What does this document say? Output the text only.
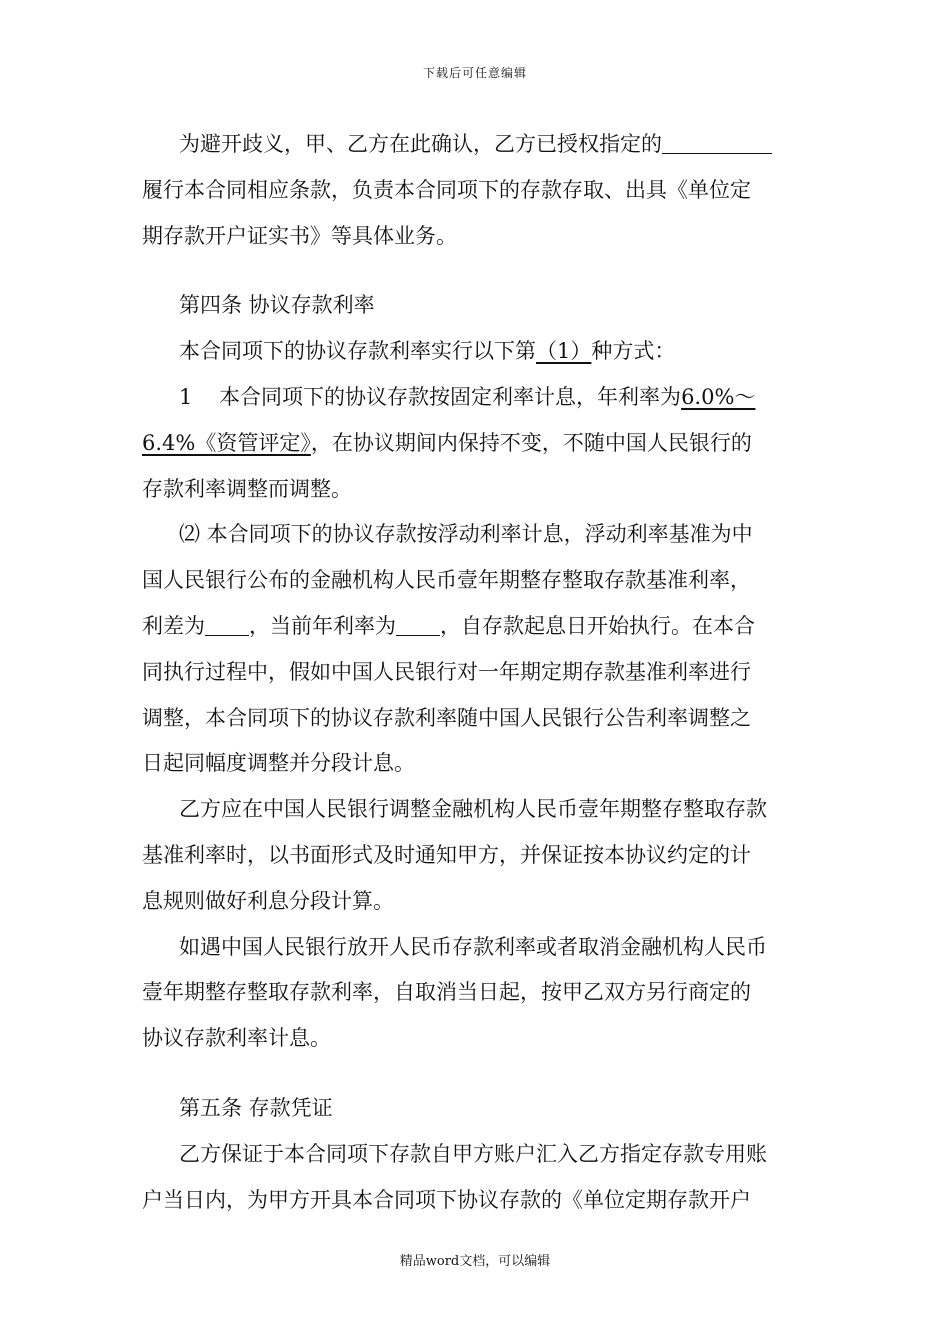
下载后可任意编辑
为避开歧义，甲、乙方在此确认，乙方已授权指定的
履行本合同相应条款，负责本合同项下的存款存取、出具《单位定
期存款开户证实书》等具体业务。
第四条 协议存款利率
本合同项下的协议存款利率实行以下第（1）种方式：
1    本合同项下的协议存款按固定利率计息，年利率为6.0%～
6.4%《资管评定》，在协议期间内保持不变，不随中国人民银行的
存款利率调整而调整。
⑵ 本合同项下的协议存款按浮动利率计息，浮动利率基准为中
国人民银行公布的金融机构人民币壹年期整存整取存款基准利率，
利差为 ，当前年利率为 ，自存款起息日开始执行。在本合
同执行过程中，假如中国人民银行对一年期定期存款基准利率进行
调整，本合同项下的协议存款利率随中国人民银行公告利率调整之
日起同幅度调整并分段计息。
乙方应在中国人民银行调整金融机构人民币壹年期整存整取存款
基准利率时，以书面形式及时通知甲方，并保证按本协议约定的计
息规则做好利息分段计算。
如遇中国人民银行放开人民币存款利率或者取消金融机构人民币
壹年期整存整取存款利率，自取消当日起，按甲乙双方另行商定的
协议存款利率计息。
第五条 存款凭证
乙方保证于本合同项下存款自甲方账户汇入乙方指定存款专用账
户当日内，为甲方开具本合同项下协议存款的《单位定期存款开户
精品word文档，可以编辑
